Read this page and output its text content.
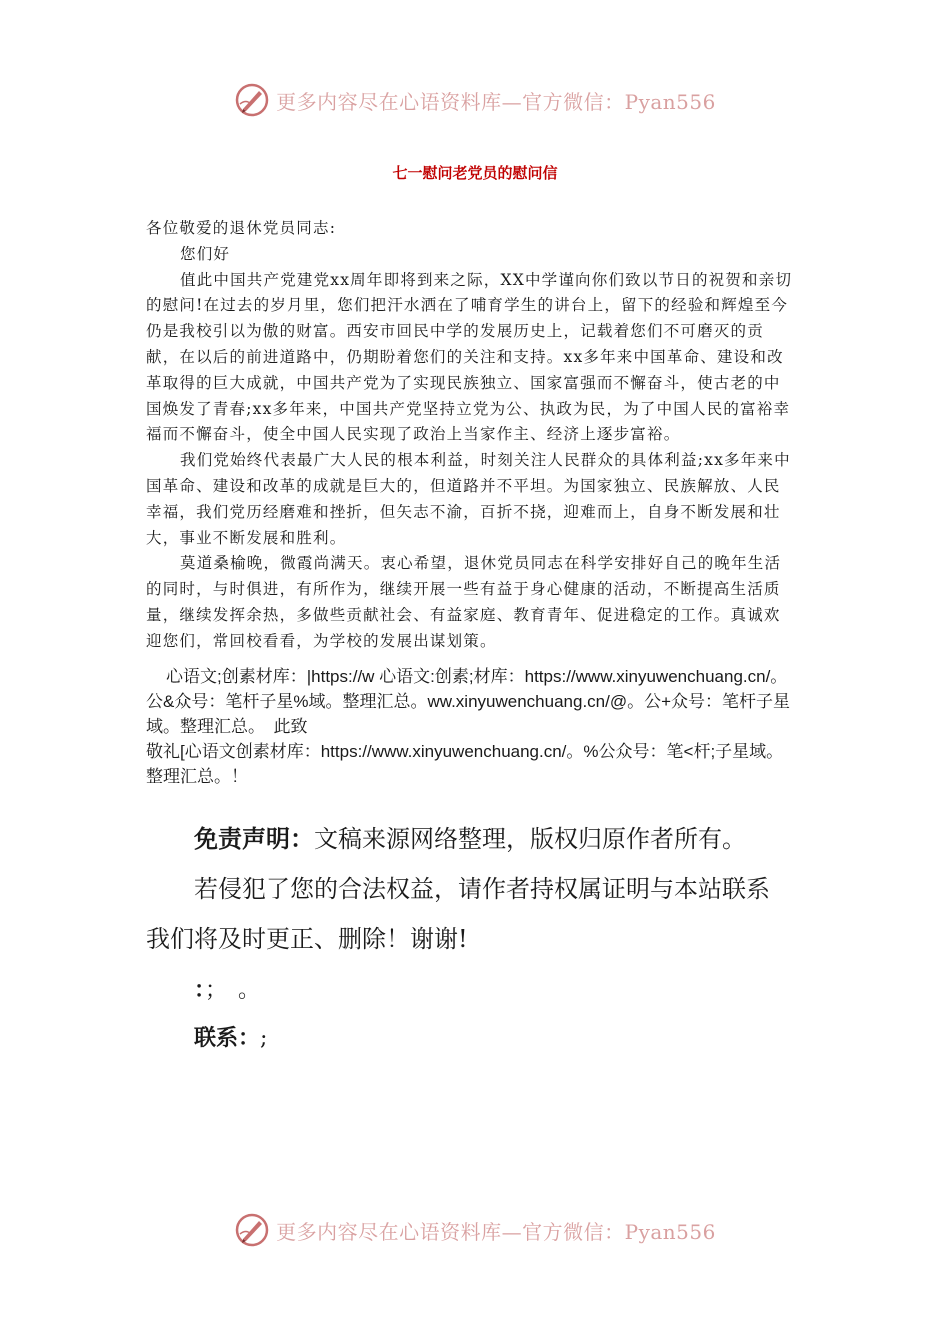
更多内容尽在心语资料库—官方微信：Pyan556
七一慰问老党员的慰问信

各位敬爱的退休党员同志:

您们好

值此中国共产党建党xx周年即将到来之际，XX中学谨向你们致以节日的祝贺和亲切的慰问!在过去的岁月里，您们把汗水洒在了哺育学生的讲台上，留下的经验和辉煌至今仍是我校引以为傲的财富。西安市回民中学的发展历史上，记载着您们不可磨灭的贡献，在以后的前进道路中，仍期盼着您们的关注和支持。xx多年来中国革命、建设和改革取得的巨大成就，中国共产党为了实现民族独立、国家富强而不懈奋斗，使古老的中国焕发了青春;xx多年来，中国共产党坚持立党为公、执政为民，为了中国人民的富裕幸福而不懈奋斗，使全中国人民实现了政治上当家作主、经济上逐步富裕。

我们党始终代表最广大人民的根本利益，时刻关注人民群众的具体利益;xx多年来中国革命、建设和改革的成就是巨大的，但道路并不平坦。为国家独立、民族解放、人民幸福，我们党历经磨难和挫折，但矢志不渝，百折不挠，迎难而上，自身不断发展和壮大，事业不断发展和胜利。

莫道桑榆晚，微霞尚满天。衷心希望，退休党员同志在科学安排好自己的晚年生活的同时，与时俱进，有所作为，继续开展一些有益于身心健康的活动，不断提高生活质量，继续发挥余热，多做些贡献社会、有益家庭、教育青年、促进稳定的工作。真诚欢迎您们，常回校看看，为学校的发展出谋划策。

心语文;创素材库：|https://w 心语文:创素;材库：https://www.xinyuwenchuang.cn/。公&众号：笔杆子星%域。整理汇总。ww.xinyuwenchuang.cn/@。公+众号：笔杆子星域。整理汇总。　此致

敬礼[心语文创素材库：https://www.xinyuwenchuang.cn/。%公众号：笔<杆;子星域。整理汇总。！

免责声明：文稿来源网络整理，版权归原作者所有。
若侵犯了您的合法权益，请作者持权属证明与本站联系
我们将及时更正、删除！谢谢!
：；　。
联系：;
更多内容尽在心语资料库—官方微信：Pyan556
